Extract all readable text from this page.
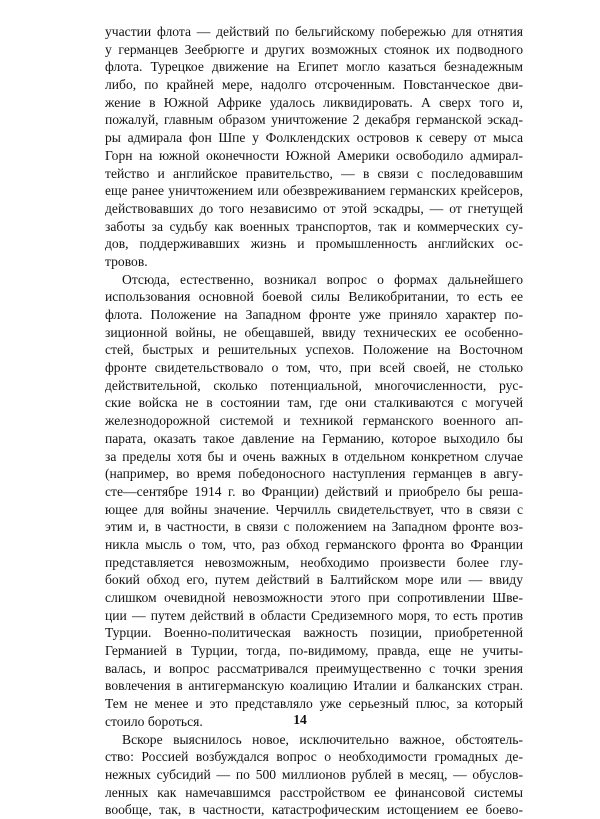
участии флота — действий по бельгийскому побережью для отнятия
у германцев Зеебрюгге и других возможных стоянок их подводного
флота. Турецкое движение на Египет могло казаться безнадежным
либо, по крайней мере, надолго отсроченным. Повстанческое дви-
жение в Южной Африке удалось ликвидировать. А сверх того и,
пожалуй, главным образом уничтожение 2 декабря германской эскад-
ры адмирала фон Шпе у Фолклендских островов к северу от мыса
Горн на южной оконечности Южной Америки освободило адмирал-
тейство и английское правительство, — в связи с последовавшим
еще ранее уничтожением или обезвреживанием германских крейсеров,
действовавших до того независимо от этой эскадры, — от гнетущей
заботы за судьбу как военных транспортов, так и коммерческих су-
дов, поддерживавших жизнь и промышленность английских ос-
тровов.
Отсюда, естественно, возникал вопрос о формах дальнейшего
использования основной боевой силы Великобритании, то есть ее
флота. Положение на Западном фронте уже приняло характер по-
зиционной войны, не обещавшей, ввиду технических ее особенно-
стей, быстрых и решительных успехов. Положение на Восточном
фронте свидетельствовало о том, что, при всей своей, не столько
действительной, сколько потенциальной, многочисленности, рус-
ские войска не в состоянии там, где они сталкиваются с могучей
железнодорожной системой и техникой германского военного ап-
парата, оказать такое давление на Германию, которое выходило бы
за пределы хотя бы и очень важных в отдельном конкретном случае
(например, во время победоносного наступления германцев в авгу-
сте—сентябре 1914 г. во Франции) действий и приобрело бы реша-
ющее для войны значение. Черчилль свидетельствует, что в связи с
этим и, в частности, в связи с положением на Западном фронте воз-
никла мысль о том, что, раз обход германского фронта во Франции
представляется невозможным, необходимо произвести более глу-
бокий обход его, путем действий в Балтийском море или — ввиду
слишком очевидной невозможности этого при сопротивлении Шве-
ции — путем действий в области Средиземного моря, то есть против
Турции. Военно-политическая важность позиции, приобретенной
Германией в Турции, тогда, по-видимому, правда, еще не учиты-
валась, и вопрос рассматривался преимущественно с точки зрения
вовлечения в антигерманскую коалицию Италии и балканских стран.
Тем не менее и это представляло уже серьезный плюс, за который
стоило бороться.
Вскоре выяснилось новое, исключительно важное, обстоятель-
ство: Россией возбуждался вопрос о необходимости громадных де-
нежных субсидий — по 500 миллионов рублей в месяц, — обуслов-
ленных как намечавшимся расстройством ее финансовой системы
вообще, так, в частности, катастрофическим истощением ее боево-
14
